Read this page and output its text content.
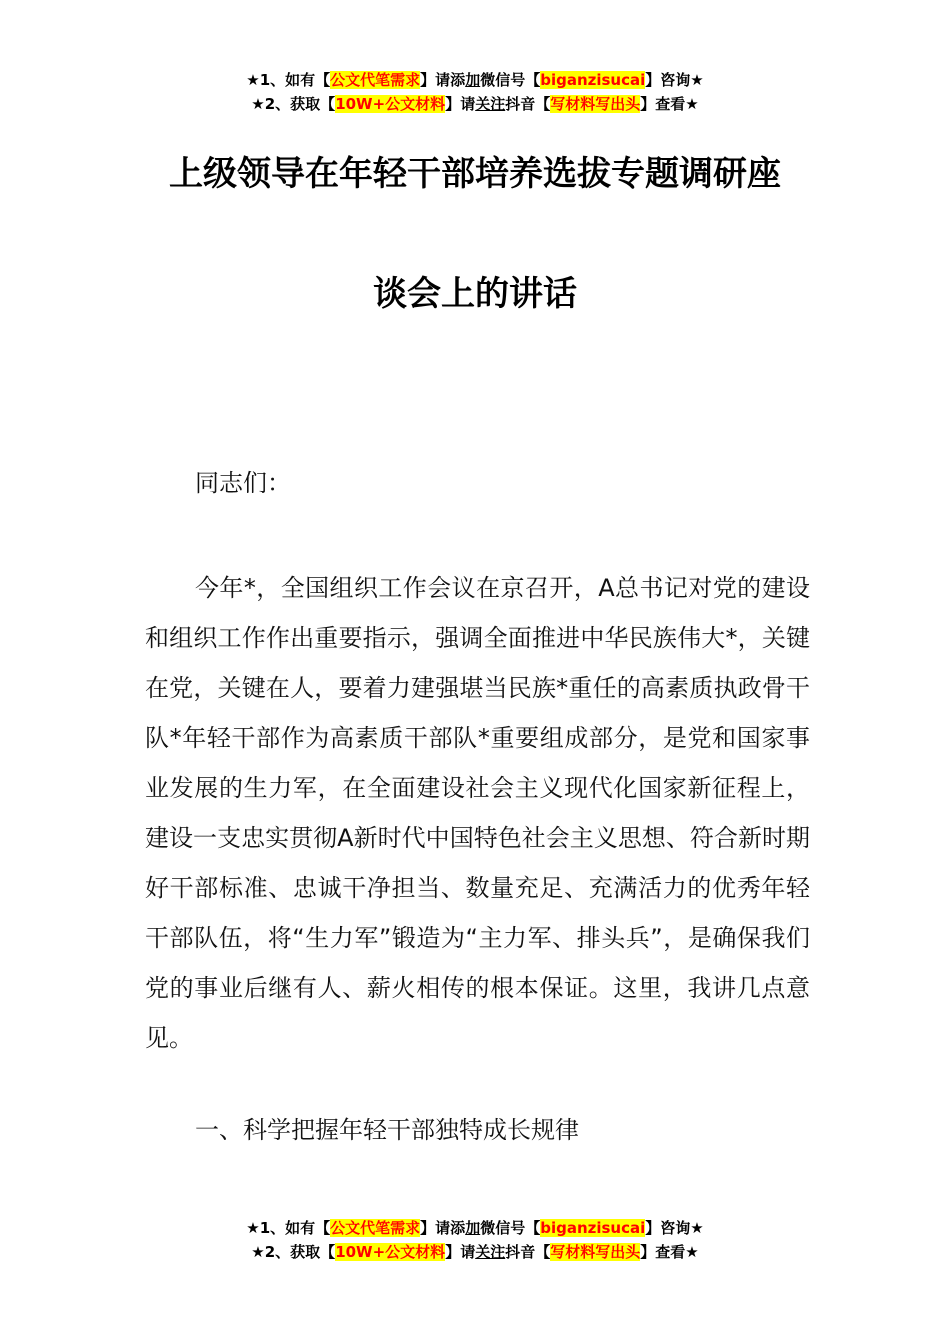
★1、如有【公文代笔需求】请添加微信号【biganzisucai】咨询★
★2、获取【10W+公文材料】请关注抖音【写材料写出头】查看★
上级领导在年轻干部培养选拔专题调研座
谈会上的讲话
同志们：
今年*，全国组织工作会议在京召开，A总书记对党的建设和组织工作作出重要指示，强调全面推进中华民族伟大*，关键在党，关键在人，要着力建强堪当民族*重任的高素质执政骨干队*年轻干部作为高素质干部队*重要组成部分，是党和国家事业发展的生力军，在全面建设社会主义现代化国家新征程上，建设一支忠实贯彻A新时代中国特色社会主义思想、符合新时期好干部标准、忠诚干净担当、数量充足、充满活力的优秀年轻干部队伍，将“生力军”锻造为“主力军、排头兵”，是确保我们党的事业后继有人、薪火相传的根本保证。这里，我讲几点意见。
一、科学把握年轻干部独特成长规律
★1、如有【公文代笔需求】请添加微信号【biganzisucai】咨询★
★2、获取【10W+公文材料】请关注抖音【写材料写出头】查看★
